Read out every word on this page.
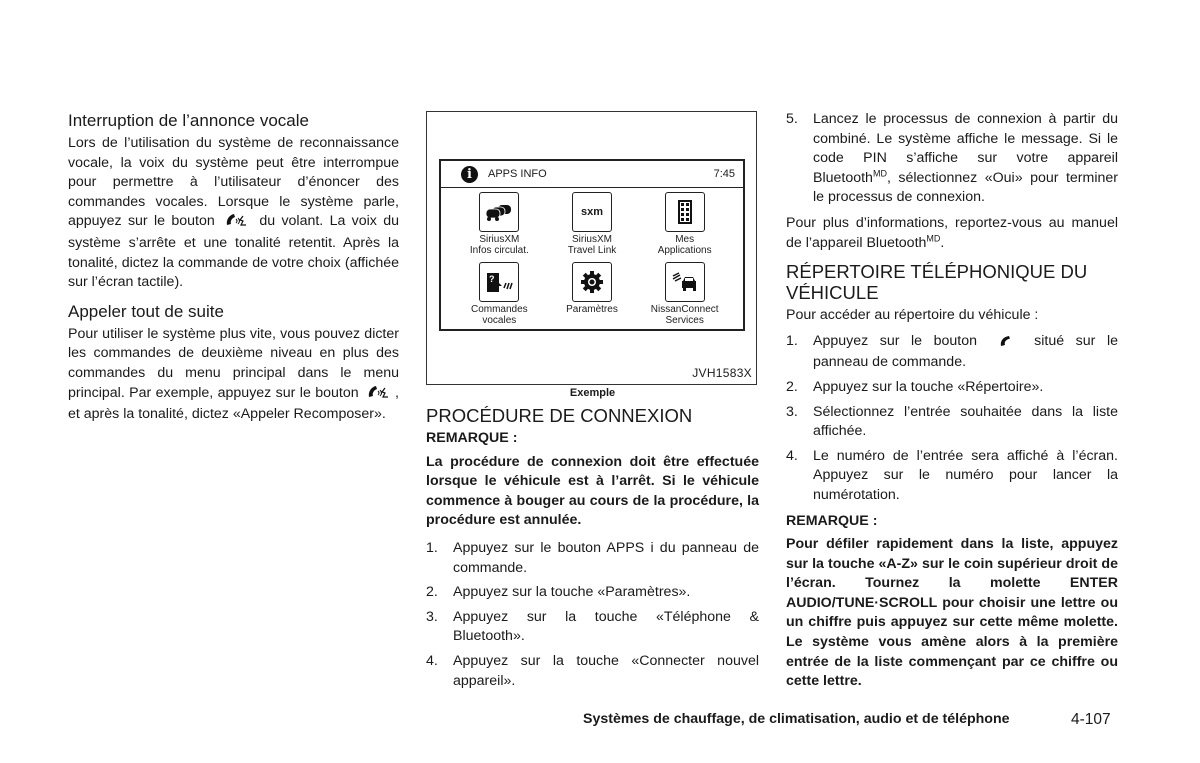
Interruption de l’annonce vocale

Lors de l’utilisation du système de reconnaissance vocale, la voix du système peut être interrompue pour permettre à l’utilisateur d’énoncer des commandes vocales. Lorsque le système parle, appuyez sur le bouton	du volant. La voix du système s’arrête et une tonalité retentit. Après la tonalité, dictez la commande de votre choix (affichée sur l’écran tactile).

Appeler tout de suite

Pour utiliser le système plus vite, vous pouvez dicter les commandes de deuxième niveau en plus des commandes du menu principal dans le menu principal. Par exemple, appuyez sur le bouton	, et après la tonalité, dictez «Appeler Recomposer».

i	APPS INFO	7:45
SiriusXM
Infos circulat.
sxm
SiriusXM
Travel Link
Mes
Applications
?
Commandes
vocales
Paramètres	NissanConnect
Services
JVH1583X
Exemple
PROCÉDURE DE CONNEXION
REMARQUE :

La procédure de connexion doit être effectuée lorsque le véhicule est à l’arrêt. Si le véhicule commence à bouger au cours de la procédure, la procédure est annulée.

1. Appuyez sur le bouton APPS i du panneau de commande.
2. Appuyez sur la touche «Paramètres».
3. Appuyez sur la touche «Téléphone & Bluetooth».
4. Appuyez sur la touche «Connecter nouvel appareil».
5. Lancez le processus de connexion à partir du combiné. Le système affiche le message. Si le code PIN s’affiche sur votre appareil Bluetooth$^{MD}$, sélectionnez «Oui» pour terminer le processus de connexion.

Pour plus d’informations, reportez-vous au manuel de l’appareil Bluetooth$^{MD}$.

RÉPERTOIRE TÉLÉPHONIQUE DU VÉHICULE

Pour accéder au répertoire du véhicule :

1. Appuyez sur le bouton	situé sur le panneau de commande.
2. Appuyez sur la touche «Répertoire».
3. Sélectionnez l’entrée souhaitée dans la liste affichée.
4. Le numéro de l’entrée sera affiché à l’écran. Appuyez sur le numéro pour lancer la numérotation.
REMARQUE :

Pour défiler rapidement dans la liste, appuyez sur la touche «A-Z» sur le coin supérieur droit de l’écran. Tournez la molette ENTER AUDIO/TUNE·SCROLL pour choisir une lettre ou un chiffre puis appuyez sur cette même molette. Le système vous amène alors à la première entrée de la liste commençant par ce chiffre ou cette lettre.

Systèmes de chauffage, de climatisation, audio et de téléphone	4-107
